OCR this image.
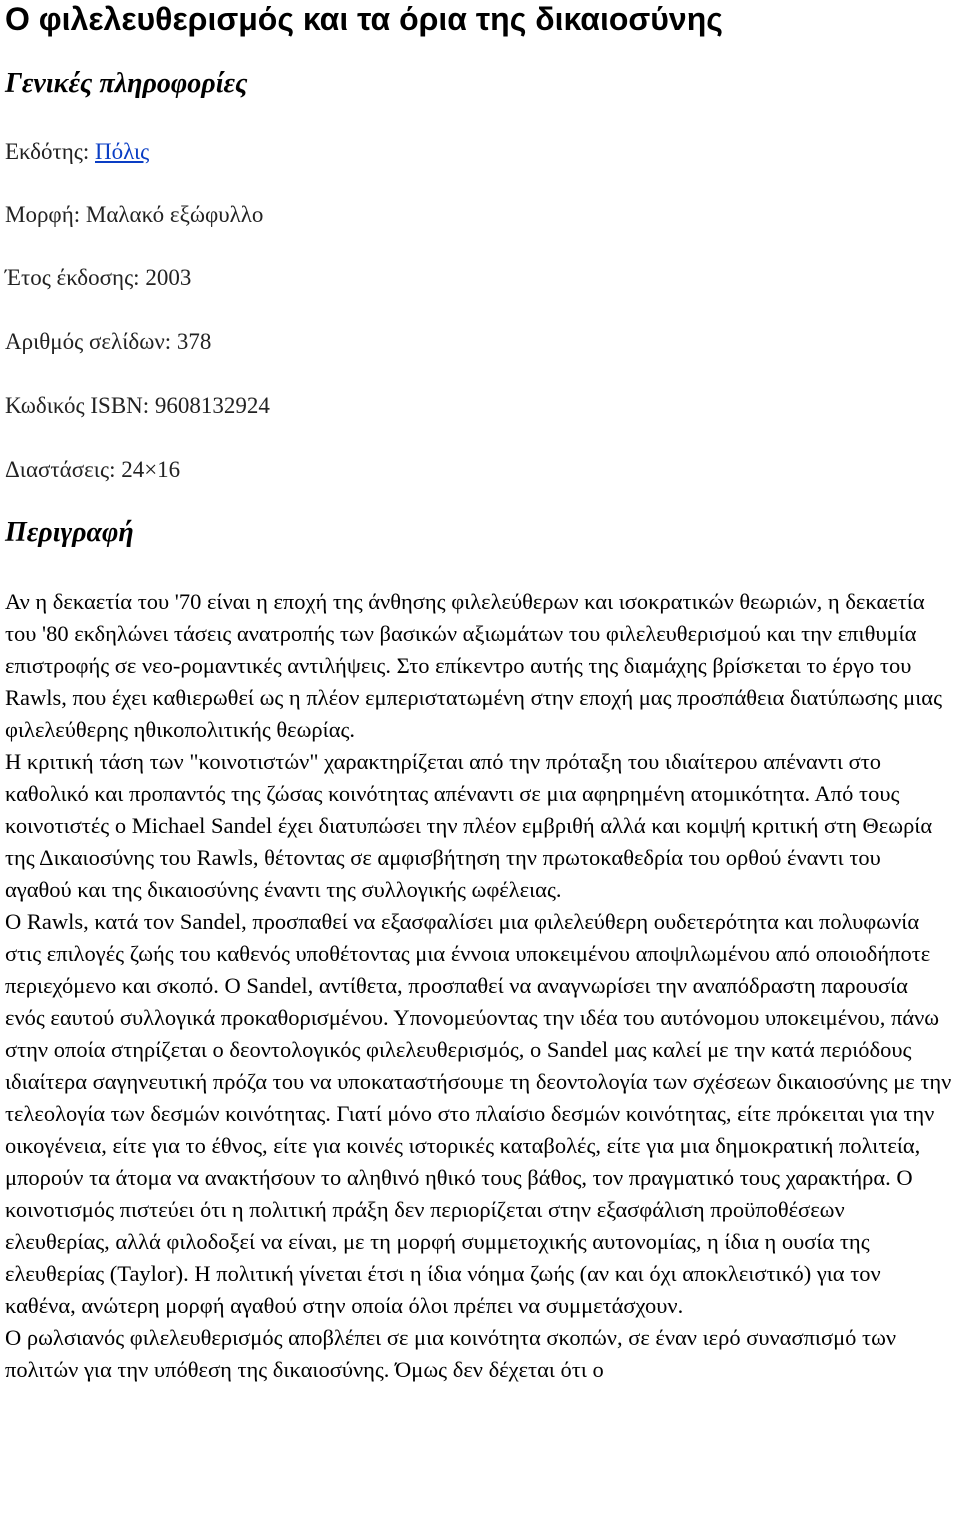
Ο φιλελευθερισμός και τα όρια της δικαιοσύνης
Γενικές πληροφορίες
Εκδότης: Πόλις
Μορφή: Μαλακό εξώφυλλο
Έτος έκδοσης: 2003
Αριθμός σελίδων: 378
Κωδικός ISBN: 9608132924
Διαστάσεις: 24×16
Περιγραφή

Αν η δεκαετία του '70 είναι η εποχή της άνθησης φιλελεύθερων και ισοκρατικών θεωριών, η δεκαετία του '80 εκδηλώνει τάσεις ανατροπής των βασικών αξιωμάτων του φιλελευθερισμού και την επιθυμία επιστροφής σε νεο-ρομαντικές αντιλήψεις. Στο επίκεντρο αυτής της διαμάχης βρίσκεται το έργο του Rawls, που έχει καθιερωθεί ως η πλέον εμπεριστατωμένη στην εποχή μας προσπάθεια διατύπωσης μιας φιλελεύθερης ηθικοπολιτικής θεωρίας.

Η κριτική τάση των "κοινοτιστών" χαρακτηρίζεται από την πρόταξη του ιδιαίτερου απέναντι στο καθολικό και προπαντός της ζώσας κοινότητας απέναντι σε μια αφηρημένη ατομικότητα. Από τους κοινοτιστές ο Michael Sandel έχει διατυπώσει την πλέον εμβριθή αλλά και κομψή κριτική στη Θεωρία της Δικαιοσύνης του Rawls, θέτοντας σε αμφισβήτηση την πρωτοκαθεδρία του ορθού έναντι του αγαθού και της δικαιοσύνης έναντι της συλλογικής ωφέλειας.

Ο Rawls, κατά τον Sandel, προσπαθεί να εξασφαλίσει μια φιλελεύθερη ουδετερότητα και πολυφωνία στις επιλογές ζωής του καθενός υποθέτοντας μια έννοια υποκειμένου αποψιλωμένου από οποιοδήποτε περιεχόμενο και σκοπό. Ο Sandel, αντίθετα, προσπαθεί να αναγνωρίσει την αναπόδραστη παρουσία ενός εαυτού συλλογικά προκαθορισμένου. Υπονομεύοντας την ιδέα του αυτόνομου υποκειμένου, πάνω στην οποία στηρίζεται ο δεοντολογικός φιλελευθερισμός, ο Sandel μας καλεί με την κατά περιόδους ιδιαίτερα σαγηνευτική πρόζα του να υποκαταστήσουμε τη δεοντολογία των σχέσεων δικαιοσύνης με την τελεολογία των δεσμών κοινότητας. Γιατί μόνο στο πλαίσιο δεσμών κοινότητας, είτε πρόκειται για την οικογένεια, είτε για το έθνος, είτε για κοινές ιστορικές καταβολές, είτε για μια δημοκρατική πολιτεία, μπορούν τα άτομα να ανακτήσουν το αληθινό ηθικό τους βάθος, τον πραγματικό τους χαρακτήρα. Ο κοινοτισμός πιστεύει ότι η πολιτική πράξη δεν περιορίζεται στην εξασφάλιση προϋποθέσεων ελευθερίας, αλλά φιλοδοξεί να είναι, με τη μορφή συμμετοχικής αυτονομίας, η ίδια η ουσία της ελευθερίας (Taylor). Η πολιτική γίνεται έτσι η ίδια νόημα ζωής (αν και όχι αποκλειστικό) για τον καθένα, ανώτερη μορφή αγαθού στην οποία όλοι πρέπει να συμμετάσχουν.

Ο ρωλσιανός φιλελευθερισμός αποβλέπει σε μια κοινότητα σκοπών, σε έναν ιερό συνασπισμό των πολιτών για την υπόθεση της δικαιοσύνης. Όμως δεν δέχεται ότι ο
